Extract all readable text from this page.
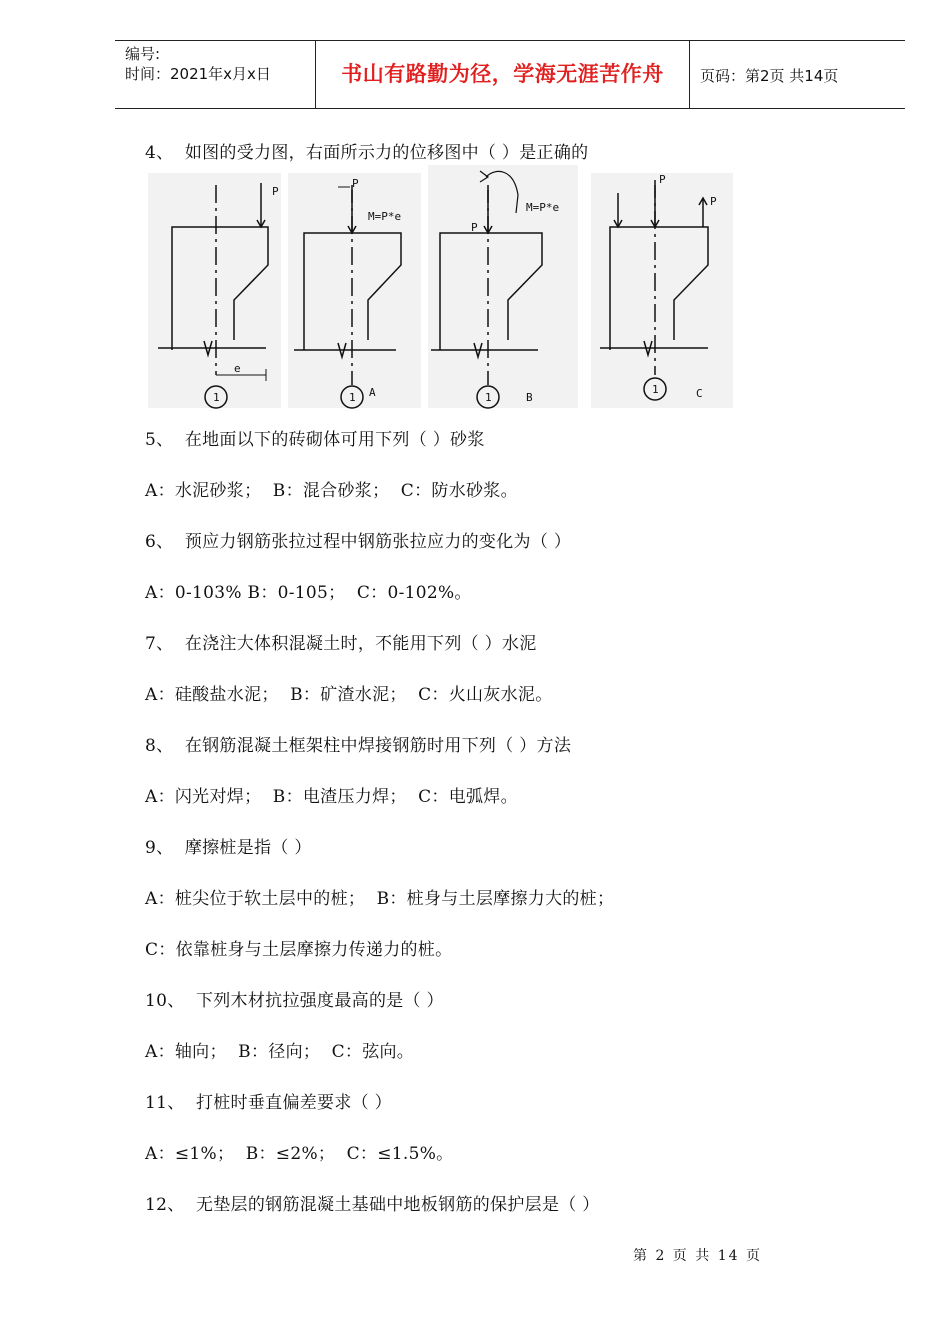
编号:
时间：2021年x月x日	书山有路勤为径，学海无涯苦作舟	页码：第2页 共14页
4、  如图的受力图，右面所示力的位移图中（ ）是正确的
P
e
1
P
M=P*e
1 A
P
M=P*e
1	B
P
P
1	C
5、  在地面以下的砖砌体可用下列（ ）砂浆
A：水泥砂浆；  B：混合砂浆；  C：防水砂浆。
6、  预应力钢筋张拉过程中钢筋张拉应力的变化为（ ）
A：0-103% B：0-105；  C：0-102%。
7、  在浇注大体积混凝土时，不能用下列（ ）水泥
A：硅酸盐水泥；  B：矿渣水泥；  C：火山灰水泥。
8、  在钢筋混凝土框架柱中焊接钢筋时用下列（ ）方法
A：闪光对焊；  B：电渣压力焊；  C：电弧焊。
9、  摩擦桩是指（ ）
A：桩尖位于软土层中的桩；  B：桩身与土层摩擦力大的桩；
C：依靠桩身与土层摩擦力传递力的桩。
10、  下列木材抗拉强度最高的是（ ）
A：轴向；  B：径向；  C：弦向。
11、  打桩时垂直偏差要求（ ）
A：≤1%；  B：≤2%；  C：≤1.5%。
12、  无垫层的钢筋混凝土基础中地板钢筋的保护层是（ ）
第 2 页 共 14 页
